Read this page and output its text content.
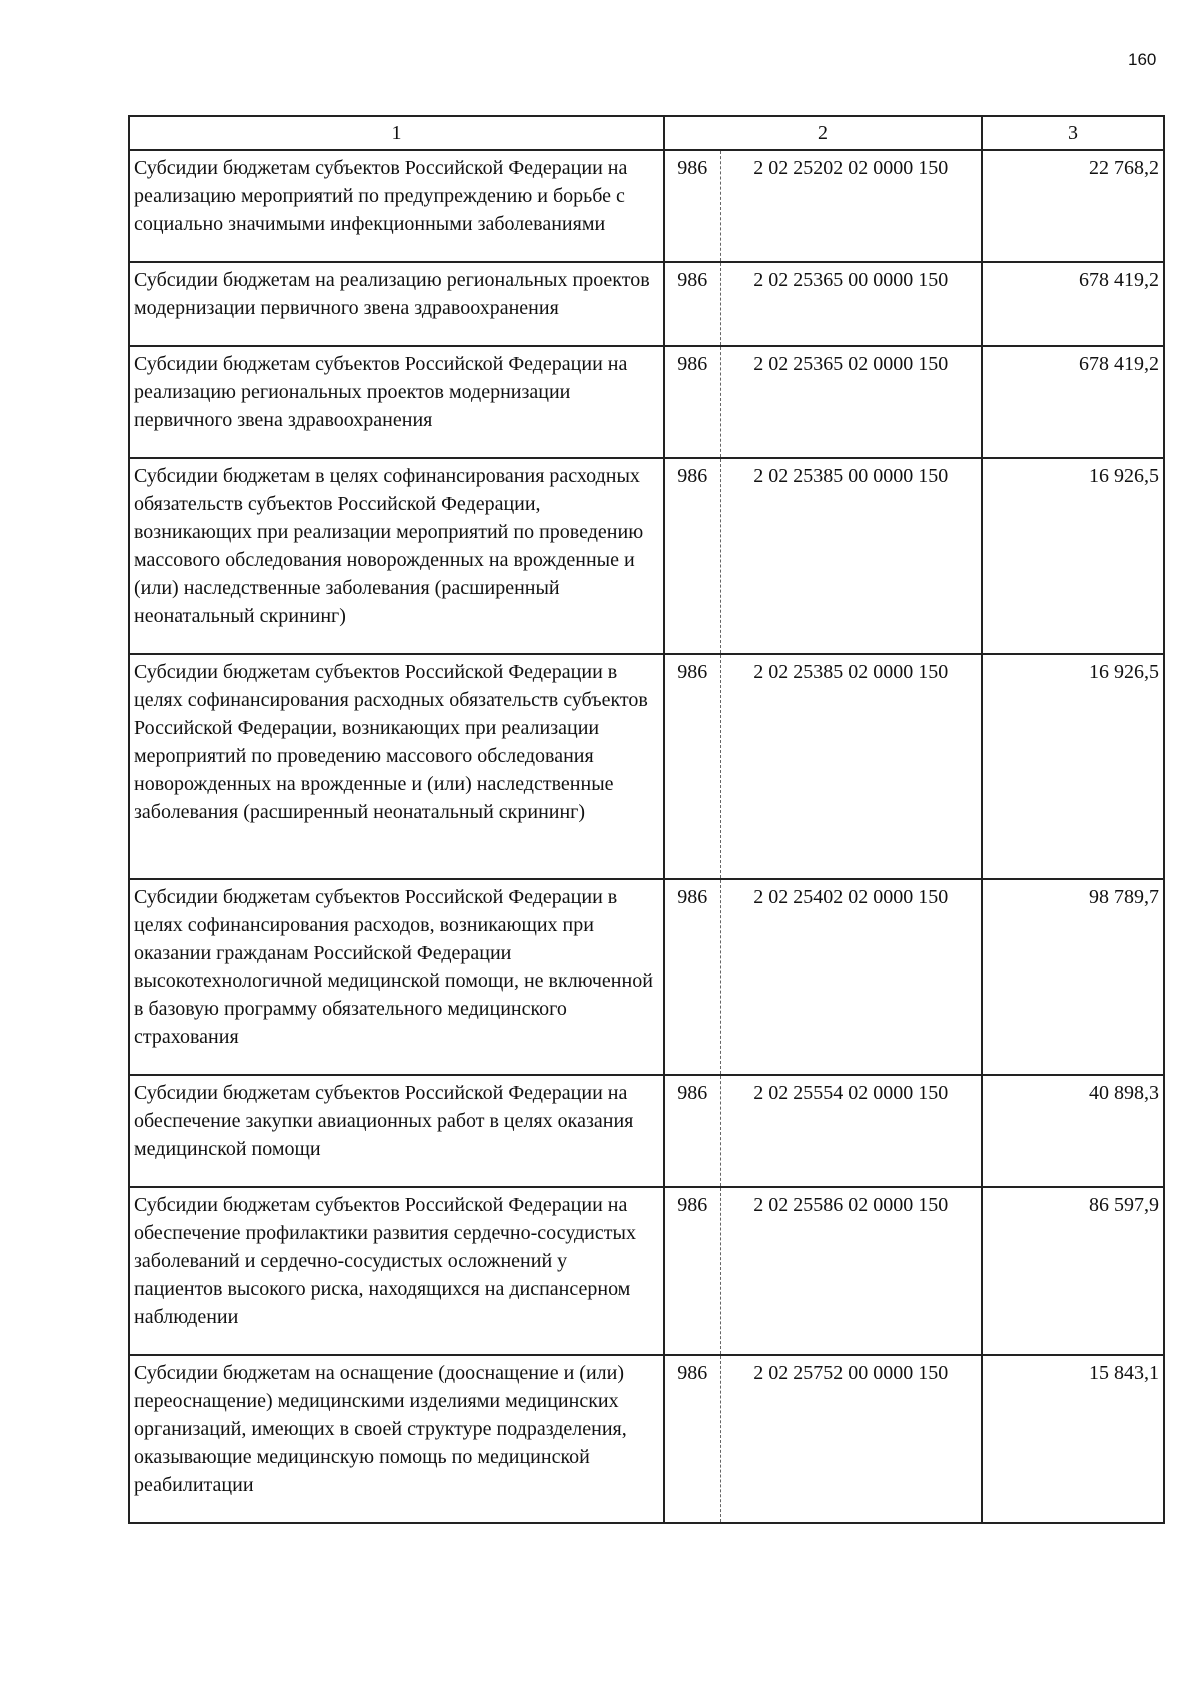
160
1	2		3
Субсидии бюджетам субъектов Российской Федерации на реализацию мероприятий по предупреждению и борьбе с социально значимыми инфекционными заболеваниями	986	2 02 25202 02 0000 150	22 768,2
Субсидии бюджетам на реализацию региональных проектов модернизации первичного звена здравоохранения	986	2 02 25365 00 0000 150	678 419,2
Субсидии бюджетам субъектов Российской Федерации на реализацию региональных проектов модернизации первичного звена здравоохранения	986	2 02 25365 02 0000 150	678 419,2
Субсидии бюджетам в целях софинансирования расходных обязательств субъектов Российской Федерации, возникающих при реализации мероприятий по проведению массового обследования новорожденных на врожденные и (или) наследственные заболевания (расширенный неонатальный скрининг)	986	2 02 25385 00 0000 150	16 926,5
Субсидии бюджетам субъектов Российской Федерации в целях софинансирования расходных обязательств субъектов Российской Федерации, возникающих при реализации мероприятий по проведению массового обследования новорожденных на врожденные и (или) наследственные заболевания (расширенный неонатальный скрининг)	986	2 02 25385 02 0000 150	16 926,5
Субсидии бюджетам субъектов Российской Федерации в целях софинансирования расходов, возникающих при оказании гражданам Российской Федерации высокотехнологичной медицинской помощи, не включенной в базовую программу обязательного медицинского страхования	986	2 02 25402 02 0000 150	98 789,7
Субсидии бюджетам субъектов Российской Федерации на обеспечение закупки авиационных работ в целях оказания медицинской помощи	986	2 02 25554 02 0000 150	40 898,3
Субсидии бюджетам субъектов Российской Федерации на обеспечение профилактики развития сердечно-сосудистых заболеваний и сердечно-сосудистых осложнений у пациентов высокого риска, находящихся на диспансерном наблюдении	986	2 02 25586 02 0000 150	86 597,9
Субсидии бюджетам на оснащение (дооснащение и (или) переоснащение) медицинскими изделиями медицинских организаций, имеющих в своей структуре подразделения, оказывающие медицинскую помощь по медицинской реабилитации	986	2 02 25752 00 0000 150	15 843,1
